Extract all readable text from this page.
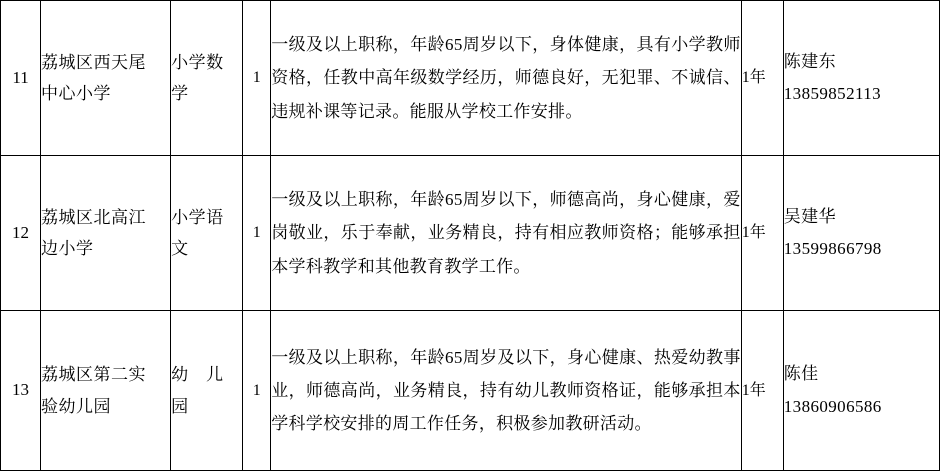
11	荔城区西天尾
中心小学	小学数
学	1	一级及以上职称，年龄65周岁以下，身体健康，具有小学教师资格，任教中高年级数学经历，师德良好，无犯罪、不诚信、违规补课等记录。能服从学校工作安排。	1年	陈建东
13859852113

12	荔城区北高江
边小学	小学语
文	1	一级及以上职称，年龄65周岁以下，师德高尚，身心健康，爱岗敬业，乐于奉献，业务精良，持有相应教师资格；能够承担本学科教学和其他教育教学工作。	1年	吴建华
13599866798

13	荔城区第二实
验幼儿园	幼　儿
园	1	一级及以上职称，年龄65周岁及以下，身心健康、热爱幼教事业，师德高尚，业务精良，持有幼儿教师资格证，能够承担本学科学校安排的周工作任务，积极参加教研活动。	1年	陈佳
13860906586
